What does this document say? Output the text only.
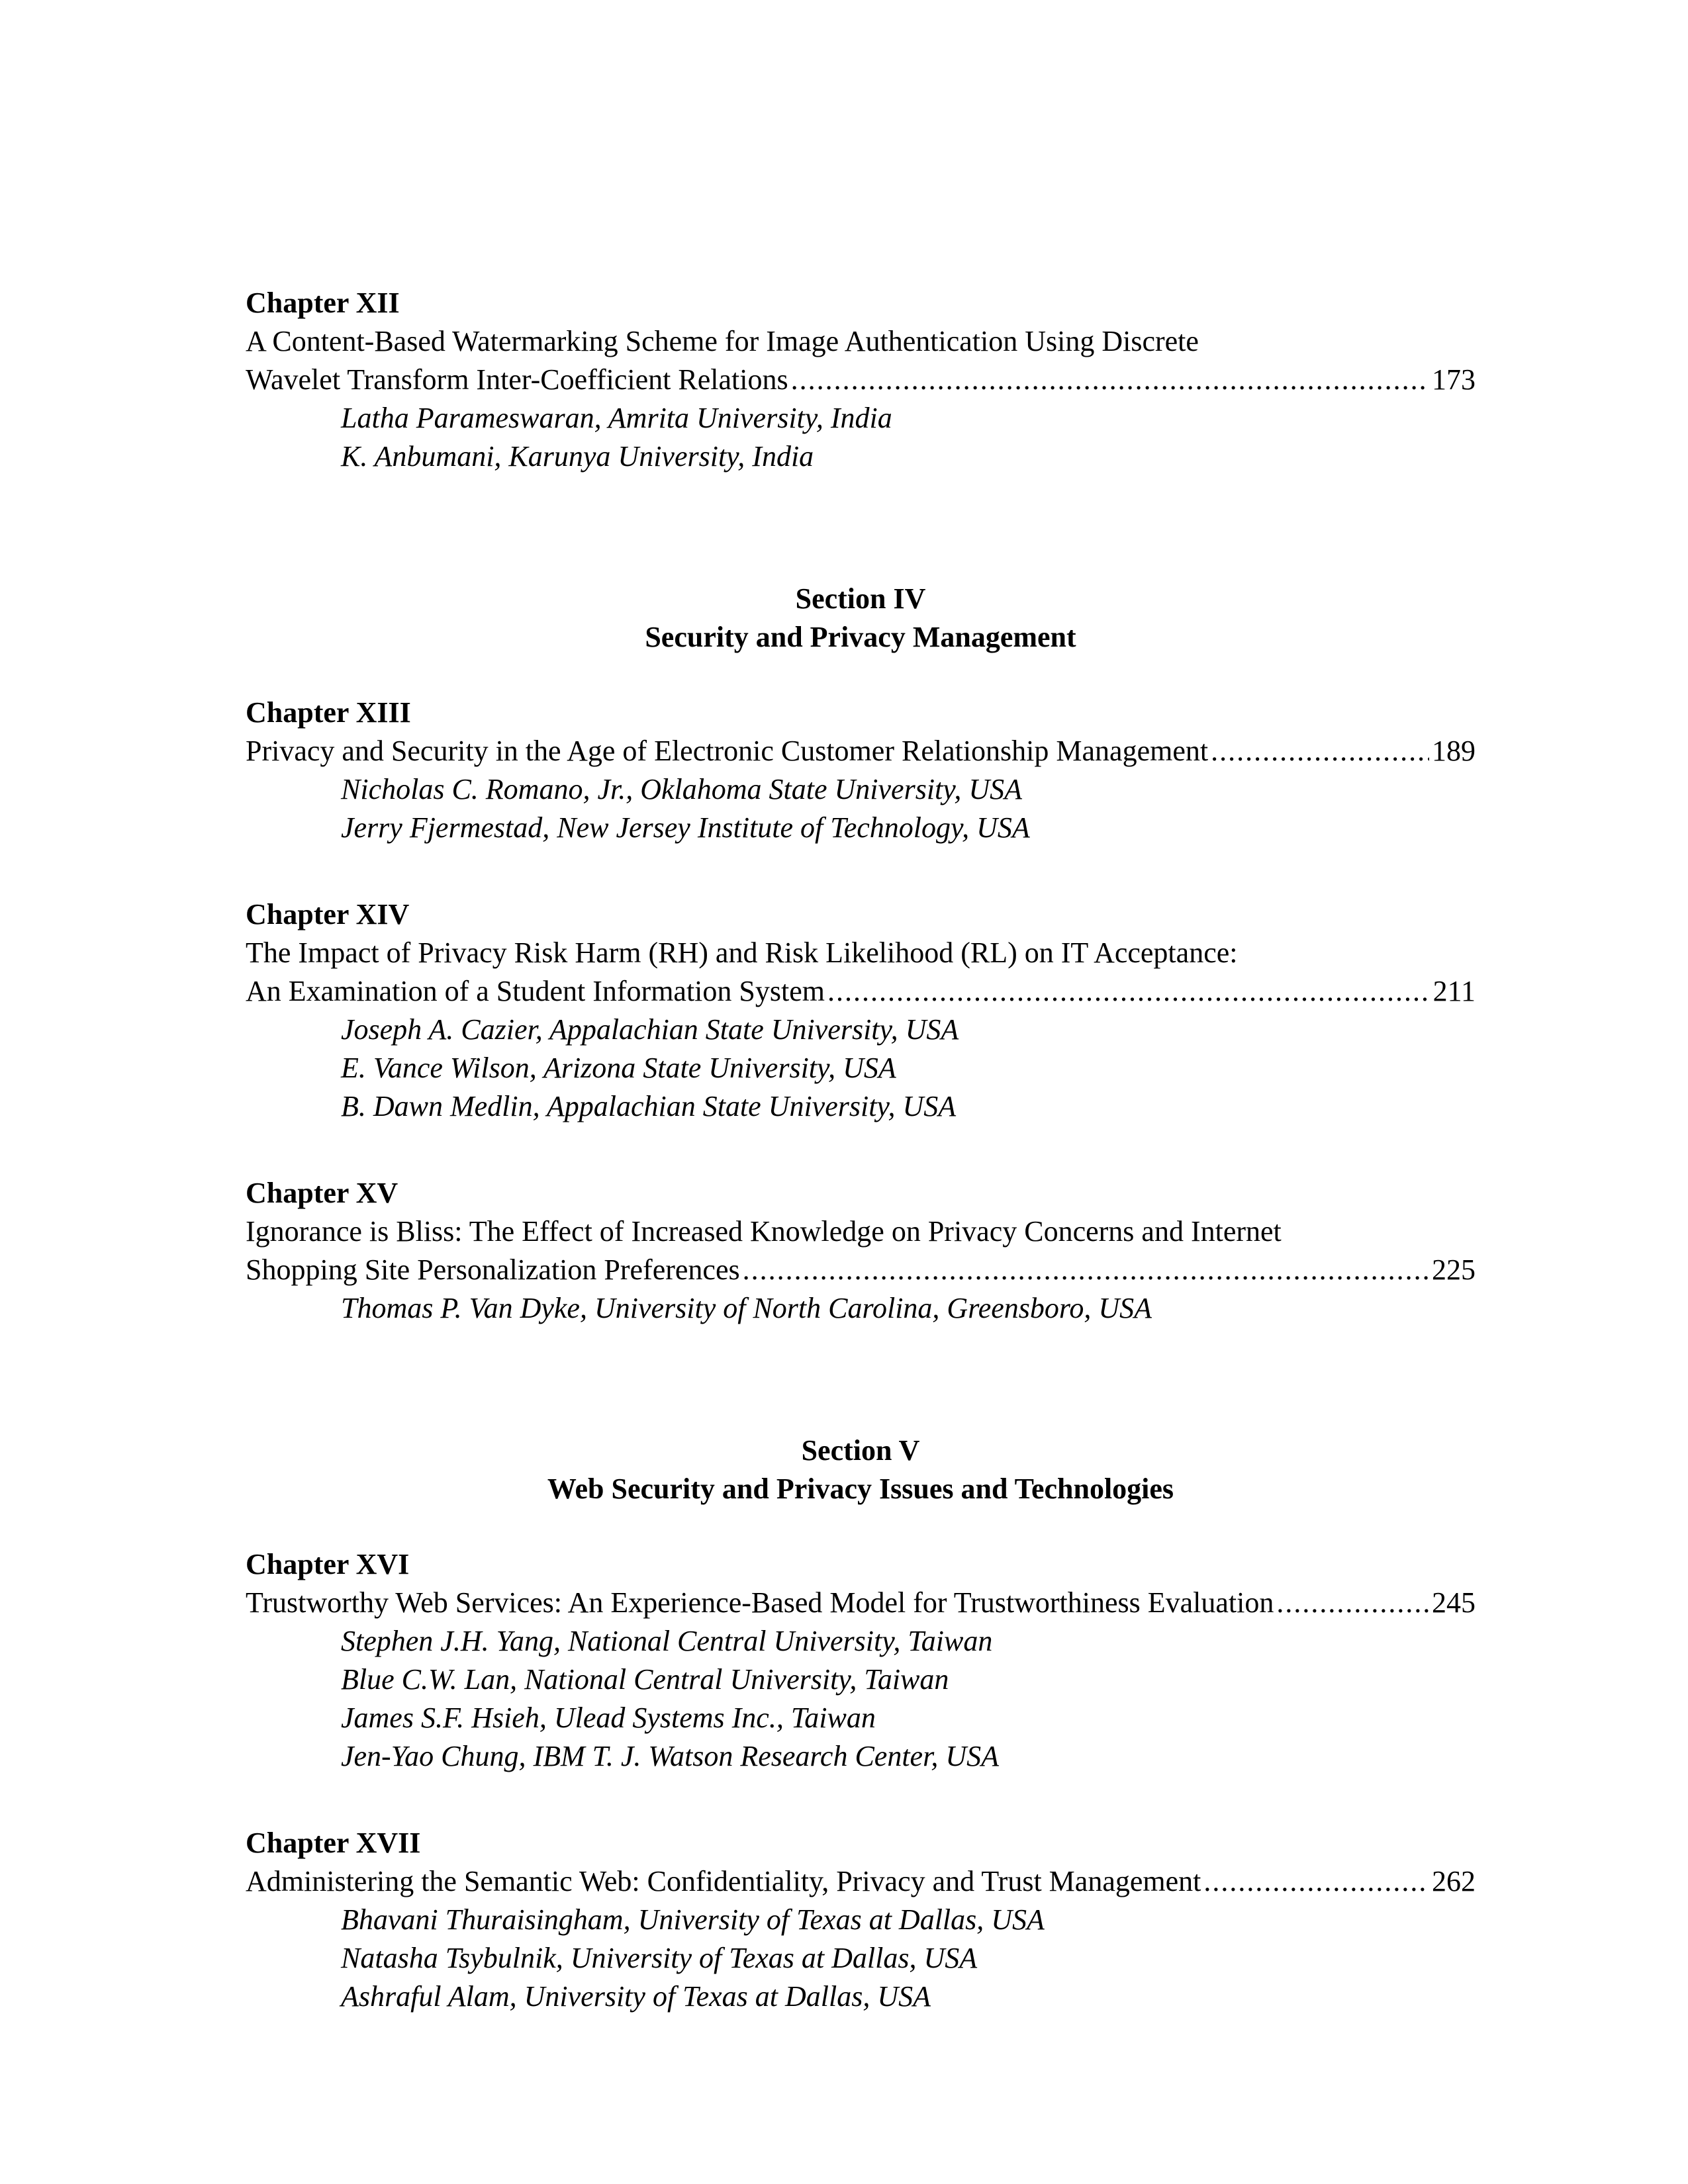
Chapter XII
A Content-Based Watermarking Scheme for Image Authentication Using Discrete
Wavelet Transform Inter-Coefficient Relations .....	173
Latha Parameswaran, Amrita University, India
K. Anbumani, Karunya University, India
Section IV
Security and Privacy Management
Chapter XIII
Privacy and Security in the Age of Electronic Customer Relationship Management .....	189
Nicholas C. Romano, Jr., Oklahoma State University, USA
Jerry Fjermestad, New Jersey Institute of Technology, USA
Chapter XIV
The Impact of Privacy Risk Harm (RH) and Risk Likelihood (RL) on IT Acceptance:
An Examination of a Student Information System .....	211
Joseph A. Cazier, Appalachian State University, USA
E. Vance Wilson, Arizona State University, USA
B. Dawn Medlin, Appalachian State University, USA
Chapter XV
Ignorance is Bliss: The Effect of Increased Knowledge on Privacy Concerns and Internet
Shopping Site Personalization Preferences .....	225
Thomas P. Van Dyke, University of North Carolina, Greensboro, USA
Section V
Web Security and Privacy Issues and Technologies
Chapter XVI
Trustworthy Web Services: An Experience-Based Model for Trustworthiness Evaluation .....	245
Stephen J.H. Yang, National Central University, Taiwan
Blue C.W. Lan, National Central University, Taiwan
James S.F. Hsieh, Ulead Systems Inc., Taiwan
Jen-Yao Chung, IBM T. J. Watson Research Center, USA
Chapter XVII
Administering the Semantic Web: Confidentiality, Privacy and Trust Management .....	262
Bhavani Thuraisingham, University of Texas at Dallas, USA
Natasha Tsybulnik, University of Texas at Dallas, USA
Ashraful Alam, University of Texas at Dallas, USA
